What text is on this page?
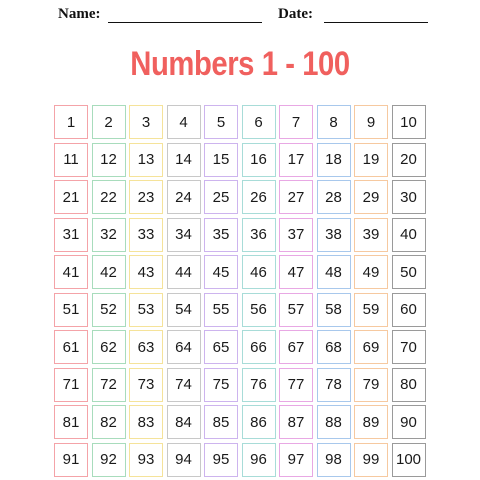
Name:	Date:
Numbers 1 - 100
1	2	3	4	5	6	7	8	9	10
11	12	13	14	15	16	17	18	19	20
21	22	23	24	25	26	27	28	29	30
31	32	33	34	35	36	37	38	39	40
41	42	43	44	45	46	47	48	49	50
51	52	53	54	55	56	57	58	59	60
61	62	63	64	65	66	67	68	69	70
71	72	73	74	75	76	77	78	79	80
81	82	83	84	85	86	87	88	89	90
91	92	93	94	95	96	97	98	99	100
